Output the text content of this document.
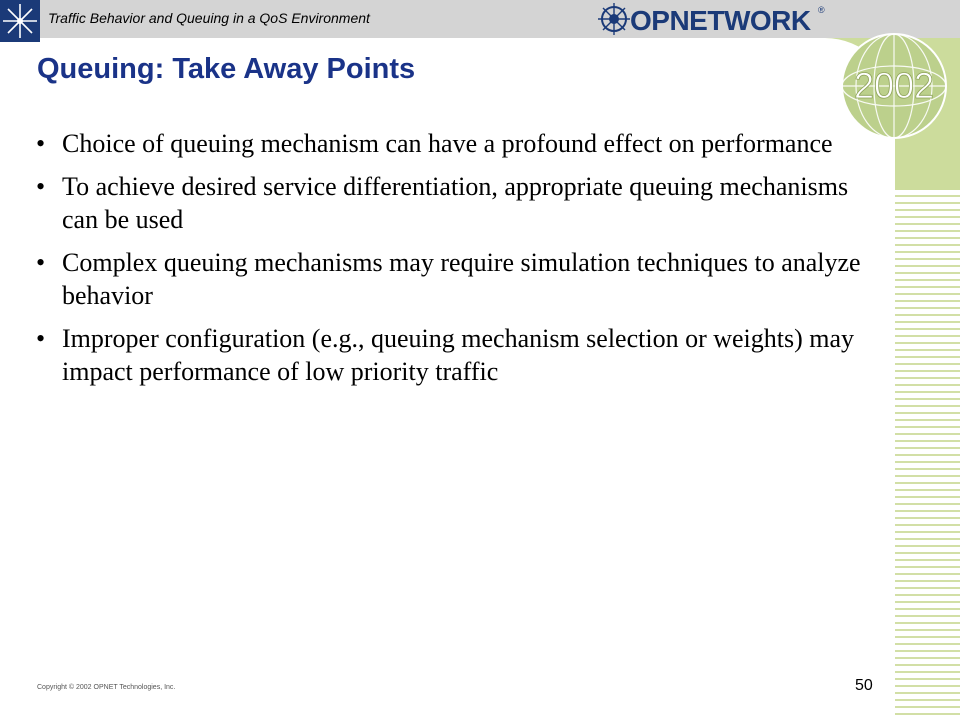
Traffic Behavior and Queuing in a QoS Environment	OPNETWORK ®
2002
Queuing: Take Away Points
• Choice of queuing mechanism can have a profound effect on performance
• To achieve desired service differentiation, appropriate queuing mechanisms can be used
• Complex queuing mechanisms may require simulation techniques to analyze behavior
• Improper configuration (e.g., queuing mechanism selection or weights) may impact performance of low priority traffic
Copyright © 2002 OPNET Technologies, Inc.	50
